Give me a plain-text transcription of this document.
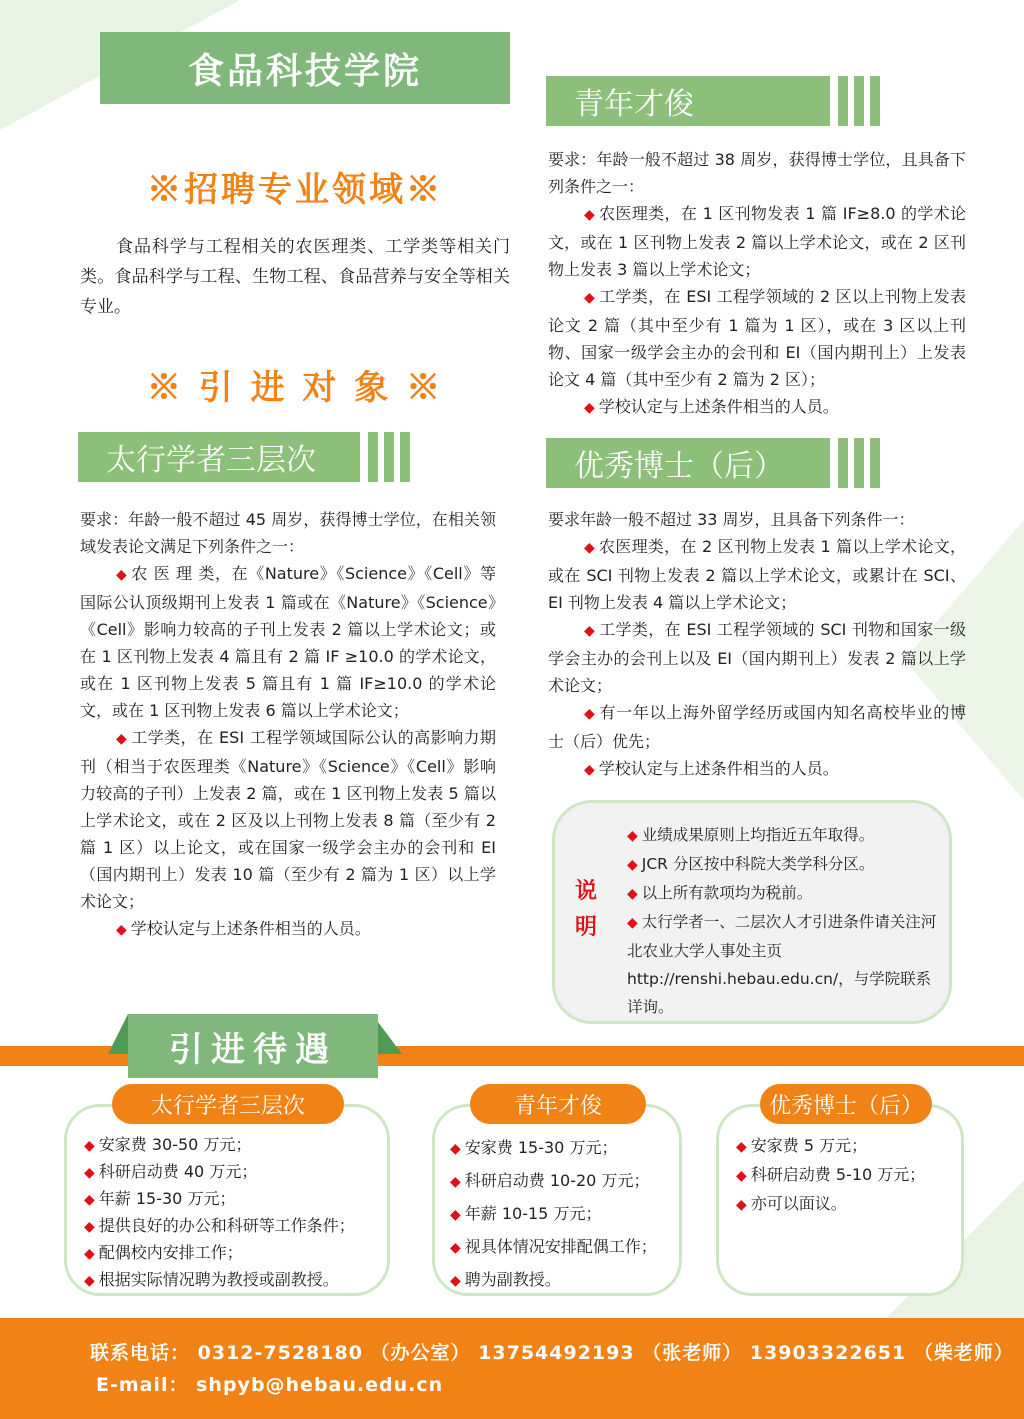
食品科技学院
※招聘专业领域※

食品科学与工程相关的农医理类、工学类等相关门类。食品科学与工程、生物工程、食品营养与安全等相关专业。

※ 引 进 对 象 ※
太行学者三层次

要求：年龄一般不超过 45 周岁，获得博士学位，在相关领域发表论文满足下列条件之一：

◆ 农 医 理 类，在《Nature》《Science》《Cell》等国际公认顶级期刊上发表 1 篇或在《Nature》《Science》《Cell》影响力较高的子刊上发表 2 篇以上学术论文；或在 1 区刊物上发表 4 篇且有 2 篇 IF ≥10.0 的学术论文，或在 1 区刊物上发表 5 篇且有 1 篇 IF≥10.0 的学术论文，或在 1 区刊物上发表 6 篇以上学术论文；

◆ 工学类，在 ESI 工程学领域国际公认的高影响力期刊（相当于农医理类《Nature》《Science》《Cell》影响力较高的子刊）上发表 2 篇，或在 1 区刊物上发表 5 篇以上学术论文，或在 2 区及以上刊物上发表 8 篇（至少有 2 篇 1 区）以上论文，或在国家一级学会主办的会刊和 EI（国内期刊上）发表 10 篇（至少有 2 篇为 1 区）以上学术论文；

◆ 学校认定与上述条件相当的人员。

青年才俊

要求：年龄一般不超过 38 周岁，获得博士学位，且具备下列条件之一：

◆ 农医理类，在 1 区刊物发表 1 篇 IF≥8.0 的学术论文，或在 1 区刊物上发表 2 篇以上学术论文，或在 2 区刊物上发表 3 篇以上学术论文；

◆ 工学类，在 ESI 工程学领域的 2 区以上刊物上发表论文 2 篇（其中至少有 1 篇为 1 区），或在 3 区以上刊物、国家一级学会主办的会刊和 EI（国内期刊上）上发表论文 4 篇（其中至少有 2 篇为 2 区）；

◆ 学校认定与上述条件相当的人员。

优秀博士（后）

要求年龄一般不超过 33 周岁，且具备下列条件一：

◆ 农医理类，在 2 区刊物上发表 1 篇以上学术论文，或在 SCI 刊物上发表 2 篇以上学术论文，或累计在 SCI、EI 刊物上发表 4 篇以上学术论文；

◆ 工学类，在 ESI 工程学领域的 SCI 刊物和国家一级学会主办的会刊上以及 EI（国内期刊上）发表 2 篇以上学术论文；

◆ 有一年以上海外留学经历或国内知名高校毕业的博士（后）优先；

◆ 学校认定与上述条件相当的人员。

说
明
◆ 业绩成果原则上均指近五年取得。
◆ JCR 分区按中科院大类学科分区。
◆ 以上所有款项均为税前。
◆ 太行学者一、二层次人才引进条件请关注河北农业大学人事处主页 http://renshi.hebau.edu.cn/，与学院联系详询。
引进待遇
太行学者三层次
◆ 安家费 30-50 万元；
◆ 科研启动费 40 万元；
◆ 年薪 15-30 万元；
◆ 提供良好的办公和科研等工作条件；
◆ 配偶校内安排工作；
◆ 根据实际情况聘为教授或副教授。
青年才俊
◆ 安家费 15-30 万元；
◆ 科研启动费 10-20 万元；
◆ 年薪 10-15 万元；
◆ 视具体情况安排配偶工作；
◆ 聘为副教授。
优秀博士（后）
◆ 安家费 5 万元；
◆ 科研启动费 5-10 万元；
◆ 亦可以面议。
联系电话： 0312-7528180 （办公室） 13754492193 （张老师） 13903322651 （柴老师）
E-mail： shpyb@hebau.edu.cn
